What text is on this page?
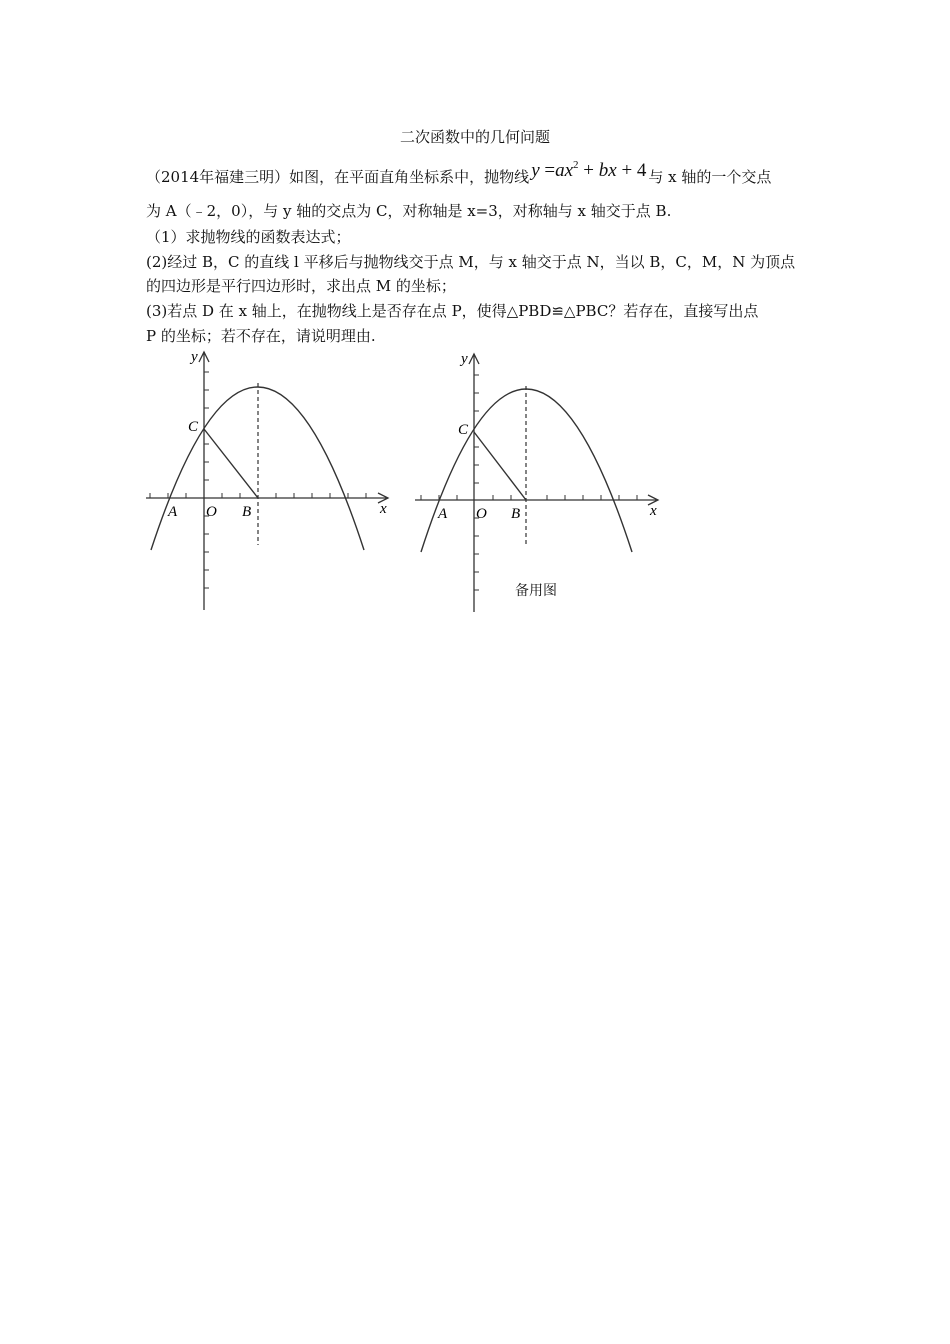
二次函数中的几何问题
（2014年福建三明）如图，在平面直角坐标系中，抛物线 $y =ax^2$ + bx + 4 与 x 轴的一个交点
为 A（﹣2，0），与 y 轴的交点为 C，对称轴是 x=3，对称轴与 x 轴交于点 B.
（1）求抛物线的函数表达式；
(2)经过 B，C 的直线 l 平移后与抛物线交于点 M，与 x 轴交于点 N，当以 B，C，M，N 为顶点
的四边形是平行四边形时，求出点 M 的坐标；
(3)若点 D 在 x 轴上，在抛物线上是否存在点 P，使得△PBD≌△PBC？若存在，直接写出点
P 的坐标；若不存在，请说明理由.
y
x
C
A O B
y
x
C
A O B
备用图
